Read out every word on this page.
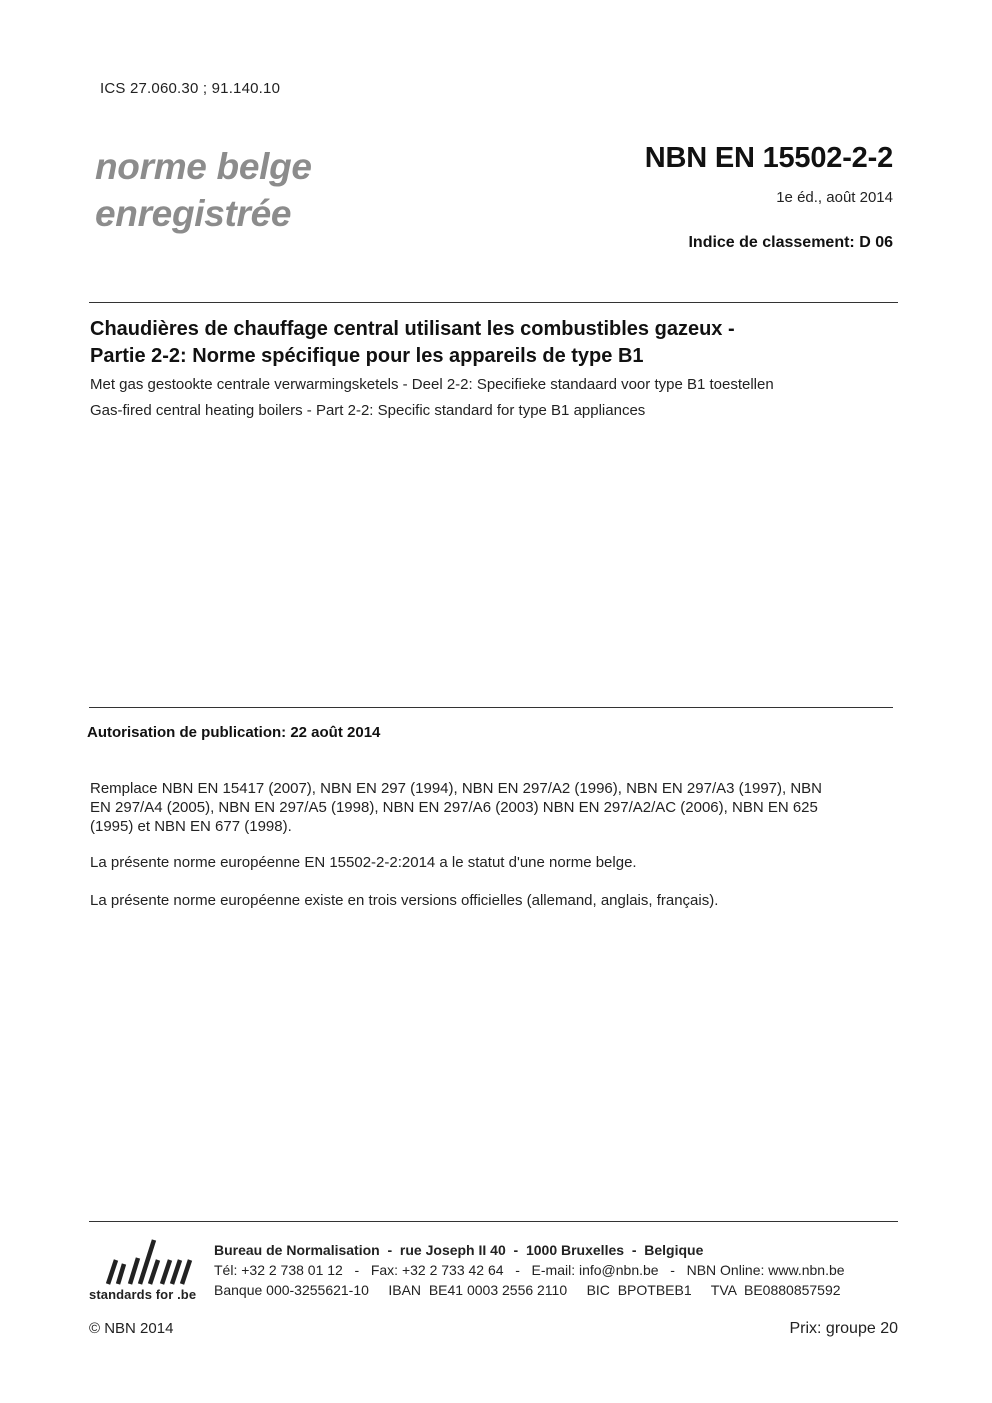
ICS 27.060.30 ; 91.140.10
norme belge
enregistrée
NBN EN 15502-2-2
1e éd., août 2014
Indice de classement: D 06
Chaudières de chauffage central utilisant les combustibles gazeux -
Partie 2-2: Norme spécifique pour les appareils de type B1
Met gas gestookte centrale verwarmingsketels - Deel 2-2: Specifieke standaard voor type B1 toestellen
Gas-fired central heating boilers - Part 2-2: Specific standard for type B1 appliances
Autorisation de publication: 22 août 2014
Remplace NBN EN 15417 (2007), NBN EN 297 (1994), NBN EN 297/A2 (1996), NBN EN 297/A3 (1997), NBN
EN 297/A4 (2005), NBN EN 297/A5 (1998), NBN EN 297/A6 (2003) NBN EN 297/A2/AC (2006), NBN EN 625
(1995) et NBN EN 677 (1998).
La présente norme européenne EN 15502-2-2:2014 a le statut d'une norme belge.
La présente norme européenne existe en trois versions officielles (allemand, anglais, français).
standards for .be
Bureau de Normalisation  -  rue Joseph II 40  -  1000 Bruxelles  -  Belgique
Tél: +32 2 738 01 12   -   Fax: +32 2 733 42 64   -   E-mail: info@nbn.be   -   NBN Online: www.nbn.be
Banque 000-3255621-10     IBAN  BE41 0003 2556 2110     BIC  BPOTBEB1     TVA  BE0880857592
© NBN 2014	Prix: groupe 20
